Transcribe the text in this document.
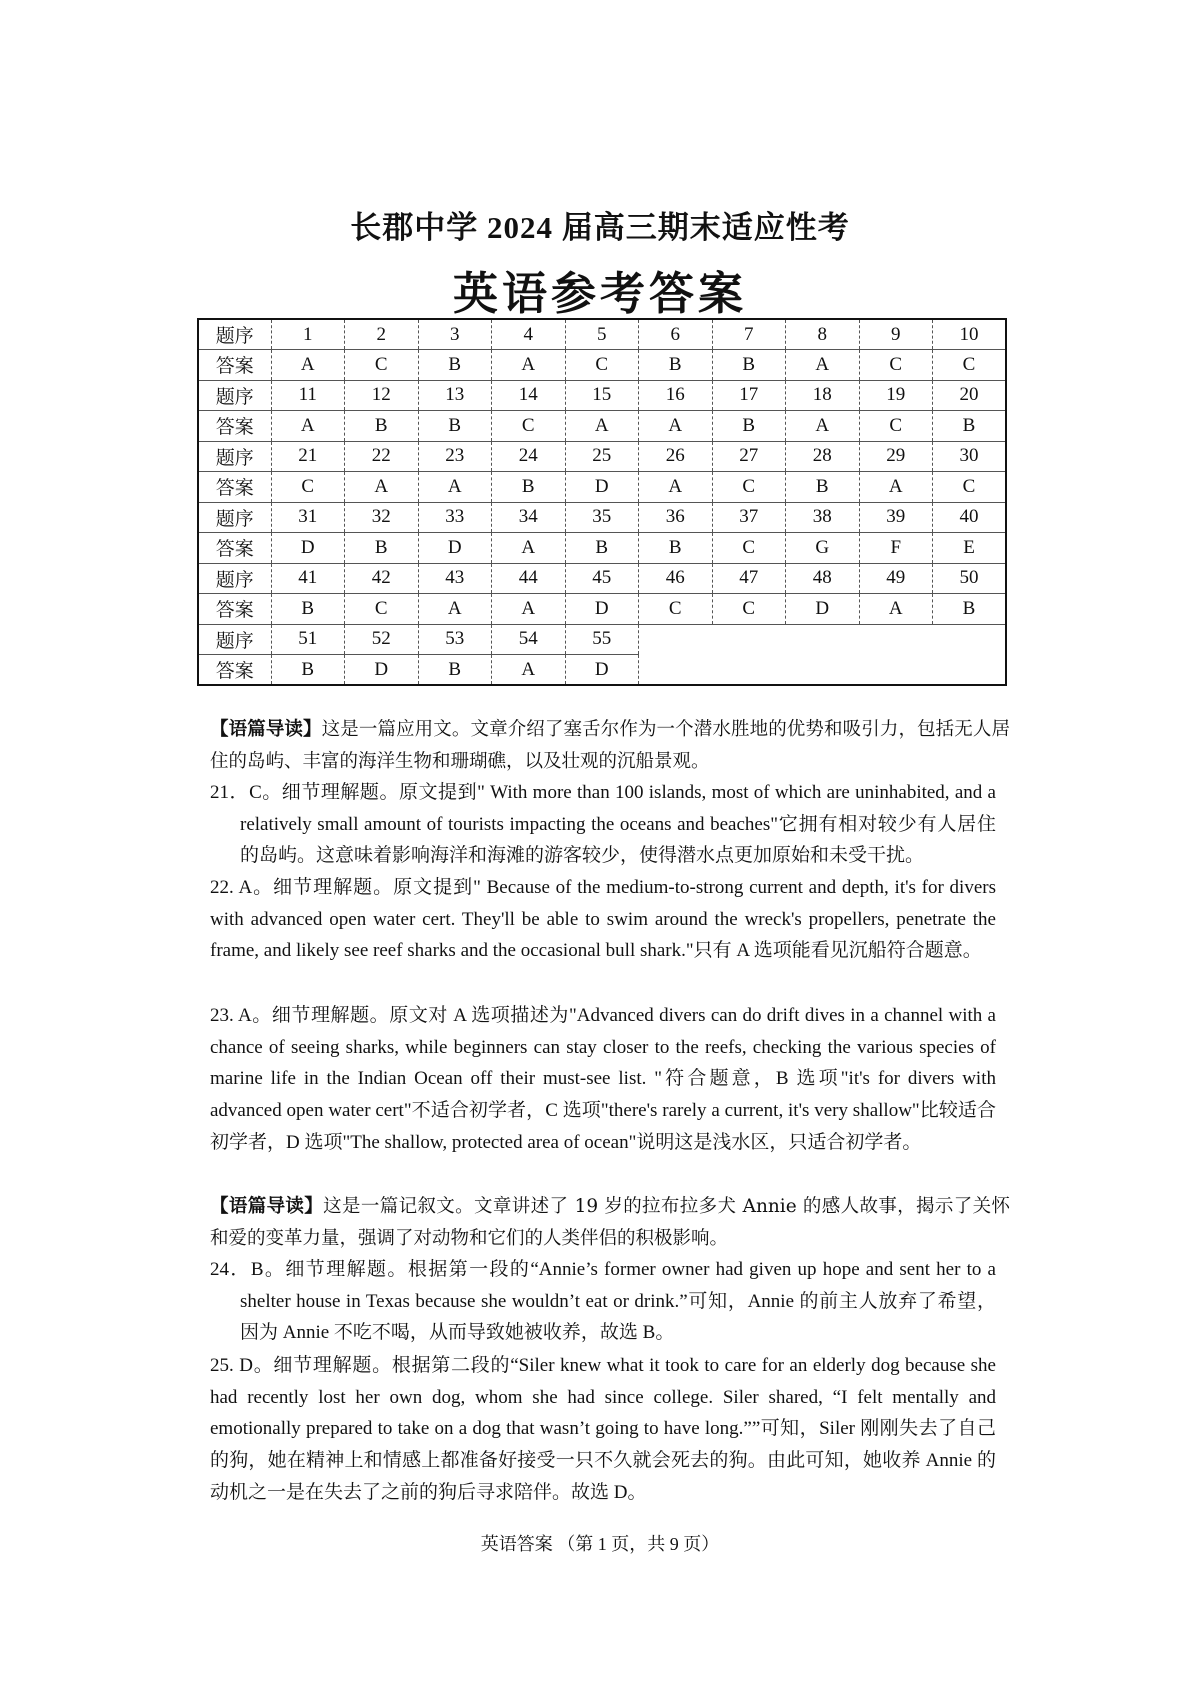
长郡中学 2024 届高三期末适应性考
英语参考答案
题序	1	2	3	4	5	6	7	8	9	10
答案	A	C	B	A	C	B	B	A	C	C
题序	11	12	13	14	15	16	17	18	19	20
答案	A	B	B	C	A	A	B	A	C	B
题序	21	22	23	24	25	26	27	28	29	30
答案	C	A	A	B	D	A	C	B	A	C
题序	31	32	33	34	35	36	37	38	39	40
答案	D	B	D	A	B	B	C	G	F	E
题序	41	42	43	44	45	46	47	48	49	50
答案	B	C	A	A	D	C	C	D	A	B
题序	51	52	53	54	55					
答案	B	D	B	A	D					
【语篇导读】这是一篇应用文。文章介绍了塞舌尔作为一个潜水胜地的优势和吸引力，包括无人居住的岛屿、丰富的海洋生物和珊瑚礁，以及壮观的沉船景观。
21．C。细节理解题。原文提到" With more than 100 islands, most of which are uninhabited, and a relatively small amount of tourists impacting the oceans and beaches"它拥有相对较少有人居住的岛屿。这意味着影响海洋和海滩的游客较少，使得潜水点更加原始和未受干扰。
22. A。细节理解题。原文提到" Because of the medium-to-strong current and depth, it's for divers with advanced open water cert. They'll be able to swim around the wreck's propellers, penetrate the frame, and likely see reef sharks and the occasional bull shark."只有 A 选项能看见沉船符合题意。
23. A。细节理解题。原文对 A 选项描述为"Advanced divers can do drift dives in a channel with a chance of seeing sharks, while beginners can stay closer to the reefs, checking the various species of marine life in the Indian Ocean off their must-see list. "符合题意，B 选项"it's for divers with advanced open water cert"不适合初学者，C 选项"there's rarely a current, it's very shallow"比较适合初学者，D 选项"The shallow, protected area of ocean"说明这是浅水区，只适合初学者。
【语篇导读】这是一篇记叙文。文章讲述了 19 岁的拉布拉多犬 Annie 的感人故事，揭示了关怀和爱的变革力量，强调了对动物和它们的人类伴侣的积极影响。
24．B。细节理解题。根据第一段的“Annie’s former owner had given up hope and sent her to a shelter house in Texas because she wouldn’t eat or drink.”可知，Annie 的前主人放弃了希望，因为 Annie 不吃不喝，从而导致她被收养，故选 B。
25. D。细节理解题。根据第二段的“Siler knew what it took to care for an elderly dog because she had recently lost her own dog, whom she had since college. Siler shared, “I felt mentally and emotionally prepared to take on a dog that wasn’t going to have long.””可知，Siler 刚刚失去了自己的狗，她在精神上和情感上都准备好接受一只不久就会死去的狗。由此可知，她收养 Annie 的动机之一是在失去了之前的狗后寻求陪伴。故选 D。
英语答案 （第 1 页，共 9 页）
